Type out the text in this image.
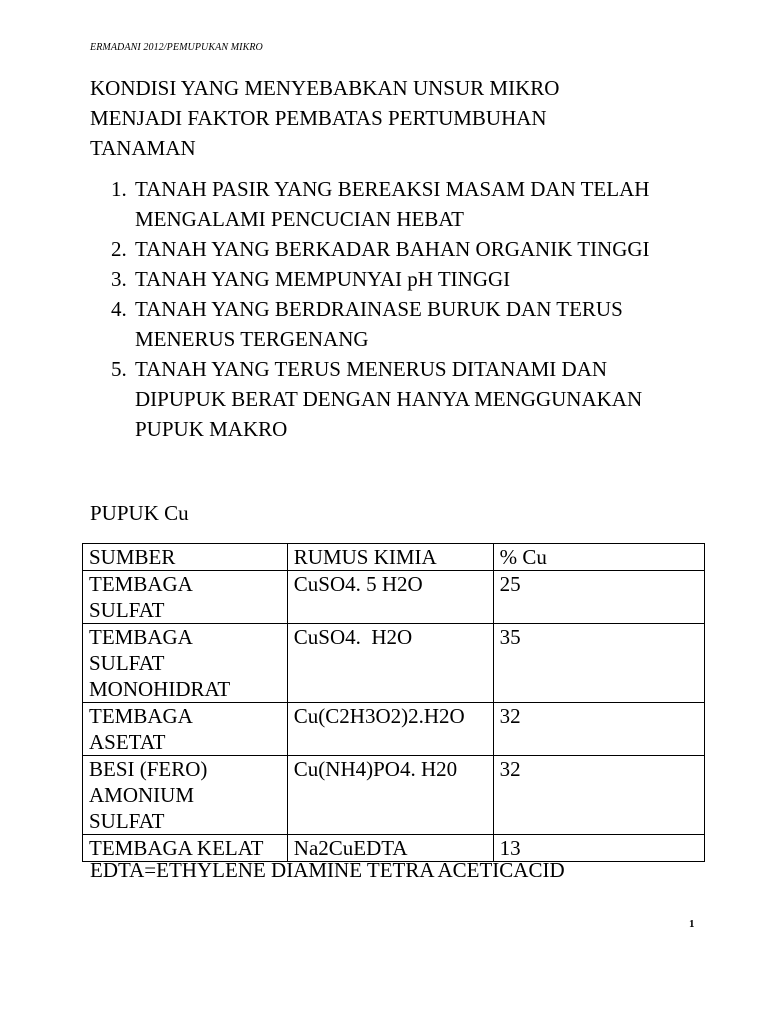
ERMADANI 2012/PEMUPUKAN MIKRO
KONDISI YANG MENYEBABKAN UNSUR MIKRO
MENJADI FAKTOR PEMBATAS PERTUMBUHAN
TANAMAN
1. TANAH PASIR YANG BEREAKSI MASAM DAN TELAH
MENGALAMI PENCUCIAN HEBAT
2. TANAH YANG BERKADAR BAHAN ORGANIK TINGGI
3. TANAH YANG MEMPUNYAI pH TINGGI
4. TANAH YANG BERDRAINASE BURUK DAN TERUS
MENERUS TERGENANG
5. TANAH YANG TERUS MENERUS DITANAMI DAN
DIPUPUK BERAT DENGAN HANYA MENGGUNAKAN
PUPUK MAKRO
PUPUK Cu
SUMBER	RUMUS KIMIA	% Cu

TEMBAGA
SULFAT	CuSO4. 5 H2O	25

TEMBAGA
SULFAT
MONOHIDRAT	CuSO4.  H2O	35

TEMBAGA
ASETAT	Cu(C2H3O2)2.H2O	32

BESI (FERO)
AMONIUM
SULFAT	Cu(NH4)PO4. H20	32

TEMBAGA KELAT	Na2CuEDTA	13
EDTA=ETHYLENE DIAMINE TETRA ACETICACID
1
